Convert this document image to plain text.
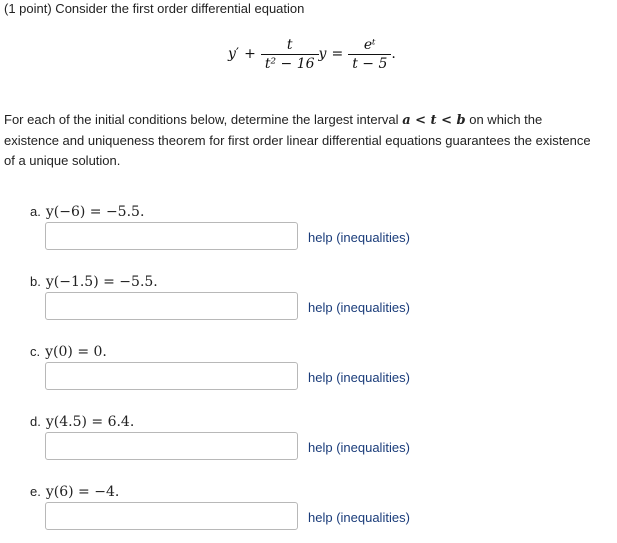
(1 point) Consider the first order differential equation
y ′ + $\frac{t}{\text{t² − 16}}$ $y = \frac{\text{eᵗ}}{t - 5}$ .
For each of the initial conditions below, determine the largest interval a < t < b on which the existence and uniqueness theorem for first order linear differential equations guarantees the existence of a unique solution.
a. y(−6) = −5.5.
help (inequalities)
b. y(−1.5) = −5.5.
help (inequalities)
c. y(0) = 0.
help (inequalities)
d. y(4.5) = 6.4.
help (inequalities)
e. y(6) = −4.
help (inequalities)
